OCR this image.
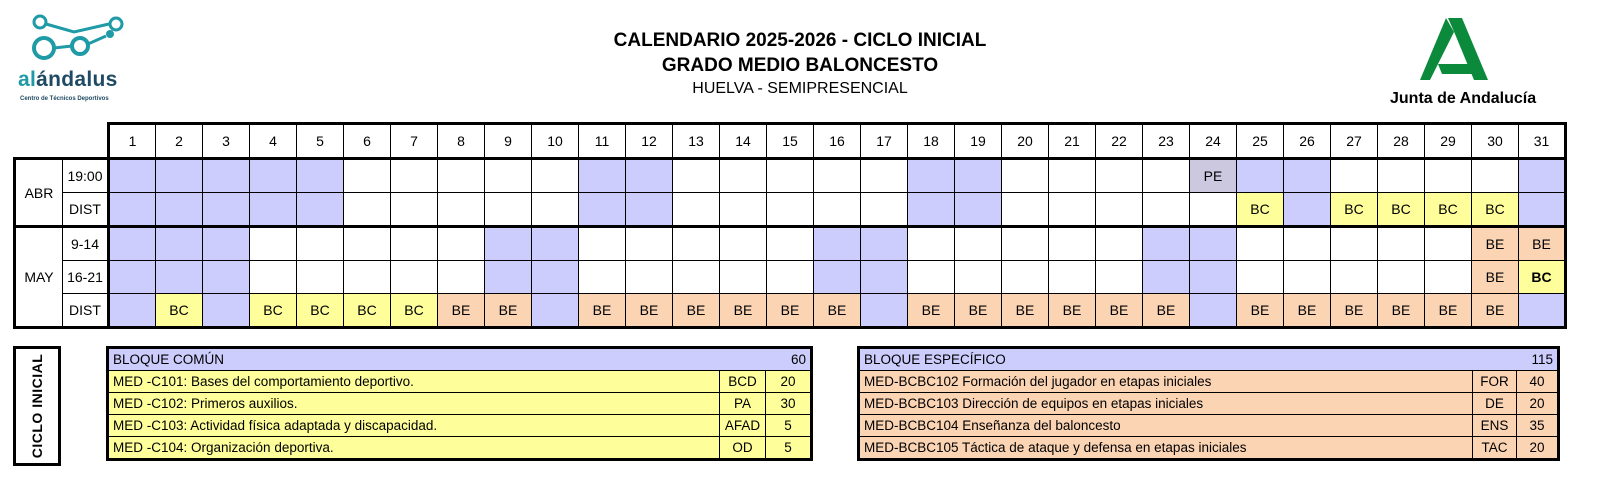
alándalus
Centro de Técnicos Deportivos
CALENDARIO 2025-2026 - CICLO INICIAL
GRADO MEDIO BALONCESTO
HUELVA - SEMIPRESENCIAL
Junta de Andalucía
		1	2	3	4	5	6	7	8	9	10	11	12	13	14	15	16	17	18	19	20	21	22	23	24	25	26	27	28	29	30	31
ABR	19:00																								PE							
	DIST																									BC		BC	BC	BC	BC	
MAY	9-14																														BE	BE
	16-21																														BE	BC
	DIST		BC		BC	BC	BC	BC	BE	BE		BE	BE	BE	BE	BE	BE		BE	BE	BE	BE	BE	BE		BE	BE	BE	BE	BE	BE	
CICLO INICIAL	BLOQUE COMÚN		60
MED -C101: Bases del comportamiento deportivo.	BCD	20
MED -C102: Primeros auxilios.	PA	30
MED -C103: Actividad física adaptada y discapacidad.	AFAD	5
MED -C104: Organización deportiva.	OD	5
BLOQUE ESPECÍFICO		115
MED-BCBC102 Formación del jugador en etapas iniciales	FOR	40
MED-BCBC103 Dirección de equipos en etapas iniciales	DE	20
MED-BCBC104 Enseñanza del baloncesto	ENS	35
MED-BCBC105 Táctica de ataque y defensa en etapas iniciales	TAC	20
